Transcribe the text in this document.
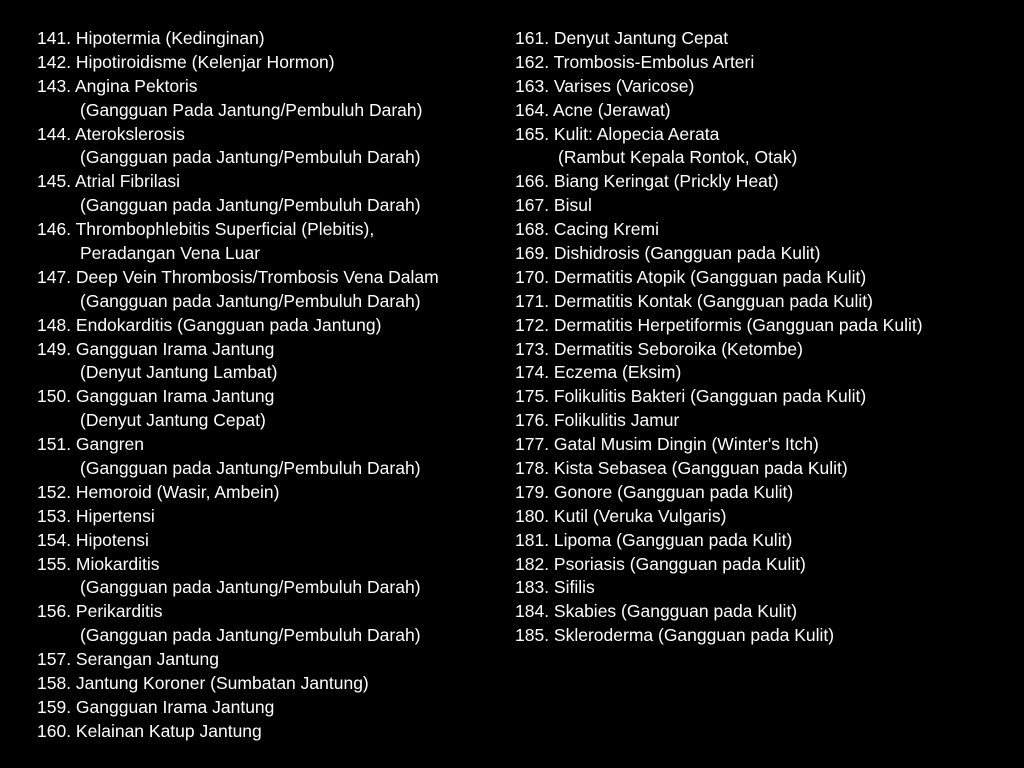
141. Hipotermia (Kedinginan)
142. Hipotiroidisme (Kelenjar Hormon)
143. Angina Pektoris
(Gangguan Pada Jantung/Pembuluh Darah)
144. Aterokslerosis
(Gangguan pada Jantung/Pembuluh Darah)
145. Atrial Fibrilasi
(Gangguan pada Jantung/Pembuluh Darah)
146. Thrombophlebitis Superficial (Plebitis),
Peradangan Vena Luar
147. Deep Vein Thrombosis/Trombosis Vena Dalam
(Gangguan pada Jantung/Pembuluh Darah)
148. Endokarditis (Gangguan pada Jantung)
149. Gangguan Irama Jantung
(Denyut Jantung Lambat)
150. Gangguan Irama Jantung
(Denyut Jantung Cepat)
151. Gangren
(Gangguan pada Jantung/Pembuluh Darah)
152. Hemoroid (Wasir, Ambein)
153. Hipertensi
154. Hipotensi
155. Miokarditis
(Gangguan pada Jantung/Pembuluh Darah)
156. Perikarditis
(Gangguan pada Jantung/Pembuluh Darah)
157. Serangan Jantung
158. Jantung Koroner (Sumbatan Jantung)
159. Gangguan Irama Jantung
160. Kelainan Katup Jantung
161. Denyut Jantung Cepat
162. Trombosis-Embolus Arteri
163. Varises (Varicose)
164. Acne (Jerawat)
165. Kulit: Alopecia Aerata
(Rambut Kepala Rontok, Otak)
166. Biang Keringat (Prickly Heat)
167. Bisul
168. Cacing Kremi
169. Dishidrosis (Gangguan pada Kulit)
170. Dermatitis Atopik (Gangguan pada Kulit)
171. Dermatitis Kontak (Gangguan pada Kulit)
172. Dermatitis Herpetiformis (Gangguan pada Kulit)
173. Dermatitis Seboroika (Ketombe)
174. Eczema (Eksim)
175. Folikulitis Bakteri (Gangguan pada Kulit)
176. Folikulitis Jamur
177. Gatal Musim Dingin (Winter's Itch)
178. Kista Sebasea (Gangguan pada Kulit)
179. Gonore (Gangguan pada Kulit)
180. Kutil (Veruka Vulgaris)
181. Lipoma (Gangguan pada Kulit)
182. Psoriasis (Gangguan pada Kulit)
183. Sifilis
184. Skabies (Gangguan pada Kulit)
185. Skleroderma (Gangguan pada Kulit)
